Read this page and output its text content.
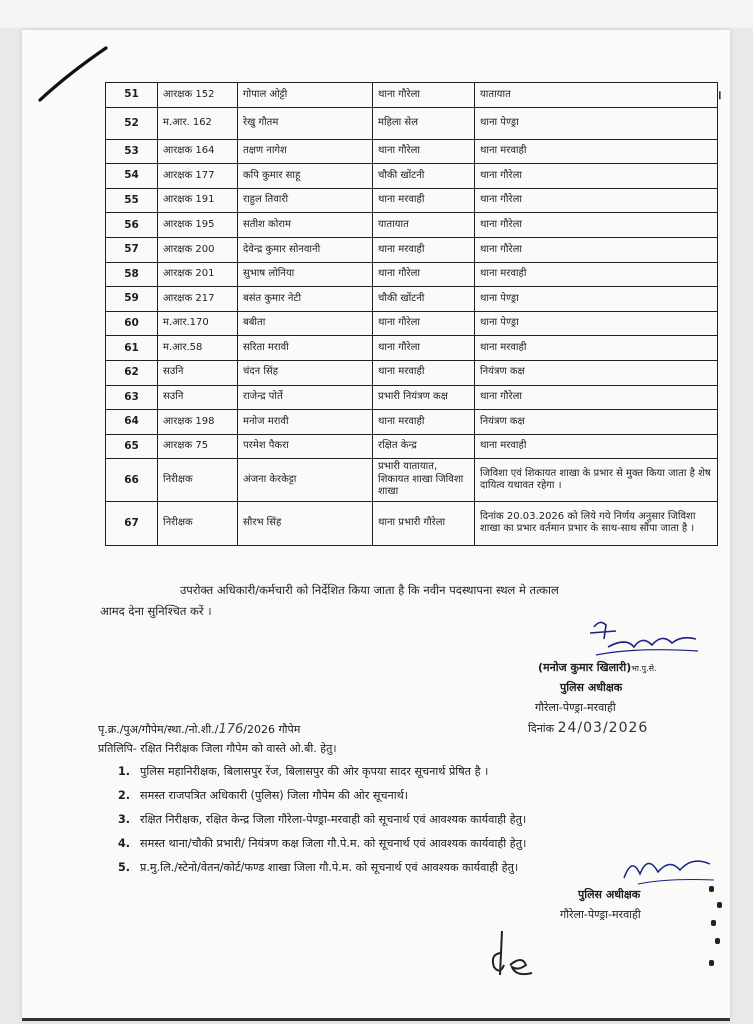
51	आरक्षक 152	गोपाल ओट्टी	थाना गौरेला	यातायात
52	म.आर. 162	रेखु गौतम	महिला सेल	थाना पेण्ड्रा
53	आरक्षक 164	तक्षण नागेश	थाना गौरेला	थाना मरवाही
54	आरक्षक 177	कपि कुमार साहू	चौकी खोंटनी	थाना गौरेला
55	आरक्षक 191	राहुल तिवारी	थाना मरवाही	थाना गौरेला
56	आरक्षक 195	सतीश कोराम	यातायात	थाना गौरेला
57	आरक्षक 200	देवेन्द्र कुमार सोनवानी	थाना मरवाही	थाना गौरेला
58	आरक्षक 201	सुभाष लोनिया	थाना गौरेला	थाना मरवाही
59	आरक्षक 217	बसंत कुमार नेटी	चौकी खोंटनी	थाना पेण्ड्रा
60	म.आर.170	बबीता	थाना गौरेला	थाना पेण्ड्रा
61	म.आर.58	सरिता मरावी	थाना गौरेला	थाना मरवाही
62	सउनि	चंदन सिंह	थाना मरवाही	नियंत्रण कक्ष
63	सउनि	राजेन्द्र पोर्ते	प्रभारी नियंत्रण कक्ष	थाना गौरेला
64	आरक्षक 198	मनोज मरावी	थाना मरवाही	नियंत्रण कक्ष
65	आरक्षक 75	परमेश पैकरा	रक्षित केन्द्र	थाना मरवाही
66	निरीक्षक	अंजना केरकेट्टा	प्रभारी यातायात, शिकायत शाखा जिविशा शाखा	जिविशा एवं शिकायत शाखा के प्रभार से मुक्त किया जाता है शेष दायित्व यथावत रहेगा ।
67	निरीक्षक	सौरभ सिंह	थाना प्रभारी गौरेला	दिनांक 20.03.2026 को लिये गये निर्णय अनुसार जिविशा शाखा का प्रभार वर्तमान प्रभार के साथ-साथ सौंपा जाता है ।
।
उपरोक्त अधिकारी/कर्मचारी को निर्देशित किया जाता है कि नवीन पदस्थापना स्थल मे तत्काल
आमद देना सुनिश्चित करें ।
(मनोज कुमार खिलारी)भा.पु.से.
पुलिस अधीक्षक
गौरेला-पेण्ड्रा-मरवाही
पृ.क्र./पुअ/गौपेम/स्था./नो.शी./176/2026 गौपेम	दिनांक 24/03/2026
प्रतिलिपि- रक्षित निरीक्षक जिला गौपेम को वास्ते ओ.बी. हेतु।
1. पुलिस महानिरीक्षक, बिलासपुर रेंज, बिलासपुर की ओर कृपया सादर सूचनार्थ प्रेषित है ।
2. समस्त राजपत्रित अधिकारी (पुलिस) जिला गौपेम की ओर सूचनार्थ।
3. रक्षित निरीक्षक, रक्षित केन्द्र जिला गौरेला-पेण्ड्रा-मरवाही को सूचनार्थ एवं आवश्यक कार्यवाही हेतु।
4. समस्त थाना/चौकी प्रभारी/ नियंत्रण कक्ष जिला गौ.पे.म. को सूचनार्थ एवं आवश्यक कार्यवाही हेतु।
5. प्र.मु.लि./स्टेनो/वेतन/कोर्ट/फण्ड शाखा जिला गौ.पे.म. को सूचनार्थ एवं आवश्यक कार्यवाही हेतु।
पुलिस अधीक्षक
गौरेला-पेण्ड्रा-मरवाही
